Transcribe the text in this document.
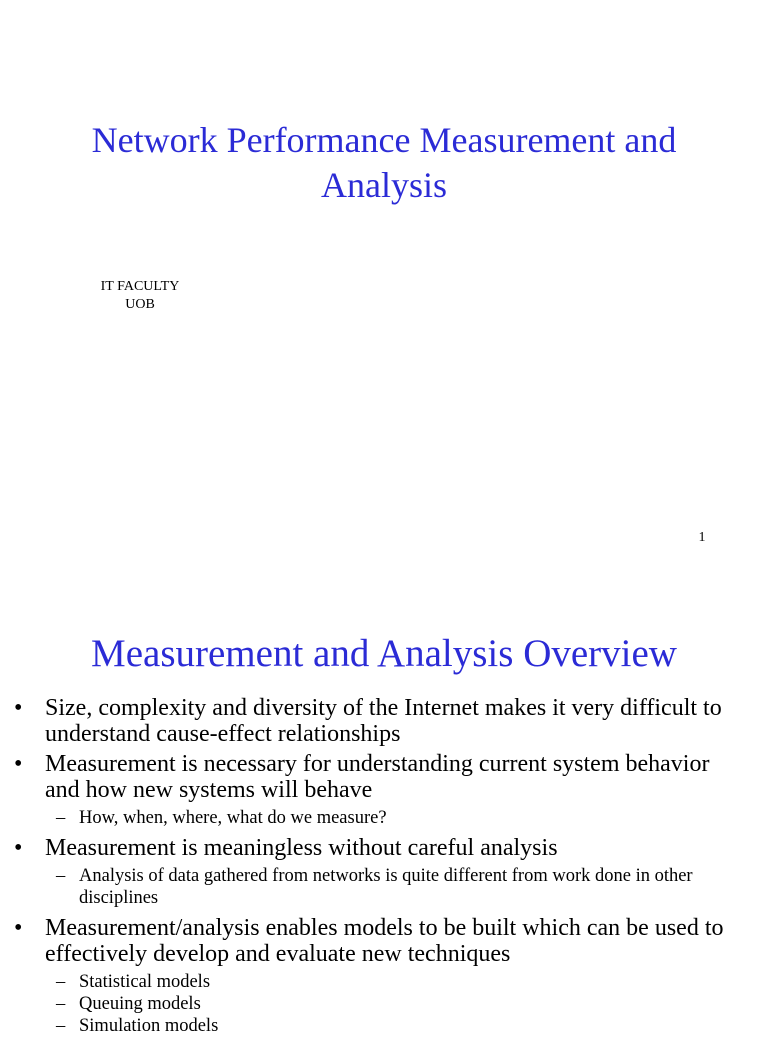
Network Performance Measurement and Analysis
IT FACULTY
UOB
1
Measurement and Analysis Overview
• Size, complexity and diversity of the Internet makes it very difficult to understand cause-effect relationships
• Measurement is necessary for understanding current system behavior and how new systems will behave
– How, when, where, what do we measure?
• Measurement is meaningless without careful analysis
– Analysis of data gathered from networks is quite different from work done in other disciplines
• Measurement/analysis enables models to be built which can be used to effectively develop and evaluate new techniques
– Statistical models
– Queuing models
– Simulation models
